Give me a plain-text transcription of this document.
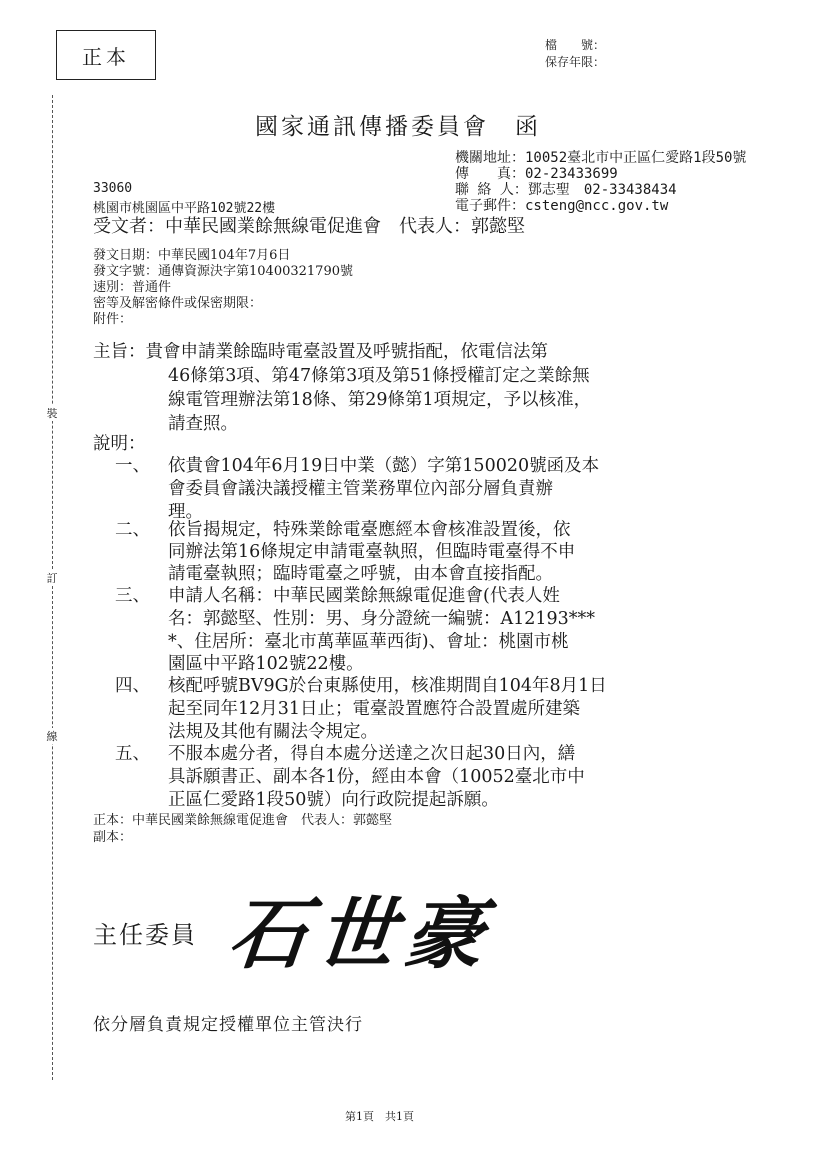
裝
訂
線
正本	檔　　號：
保存年限：
國家通訊傳播委員會 函
機關地址：10052臺北市中正區仁愛路1段50號
傳　　真：02-23433699
聯 絡 人：鄧志聖　02-33438434
電子郵件：csteng@ncc.gov.tw
33060
桃園市桃園區中平路102號22樓
受文者：中華民國業餘無線電促進會　代表人：郭懿堅
發文日期：中華民國104年7月6日
發文字號：通傳資源決字第10400321790號
速別：普通件
密等及解密條件或保密期限：
附件：
主旨：貴會申請業餘臨時電臺設置及呼號指配，依電信法第
46條第3項、第47條第3項及第51條授權訂定之業餘無
線電管理辦法第18條、第29條第1項規定，予以核准，
請查照。
說明：
一、 依貴會104年6月19日中業（懿）字第150020號函及本
會委員會議決議授權主管業務單位內部分層負責辦
理。
二、 依旨揭規定，特殊業餘電臺應經本會核准設置後，依
同辦法第16條規定申請電臺執照，但臨時電臺得不申
請電臺執照；臨時電臺之呼號，由本會直接指配。
三、 申請人名稱：中華民國業餘無線電促進會(代表人姓
名：郭懿堅、性別：男、身分證統一編號：A12193***
*、住居所：臺北市萬華區華西街)、會址：桃園市桃
園區中平路102號22樓。
四、 核配呼號BV9G於台東縣使用，核准期間自104年8月1日
起至同年12月31日止；電臺設置應符合設置處所建築
法規及其他有關法令規定。
五、 不服本處分者，得自本處分送達之次日起30日內，繕
具訴願書正、副本各1份，經由本會（10052臺北市中
正區仁愛路1段50號）向行政院提起訴願。
正本：中華民國業餘無線電促進會　代表人：郭懿堅
副本：
主任委員 石世豪
依分層負責規定授權單位主管決行
第1頁　共1頁
